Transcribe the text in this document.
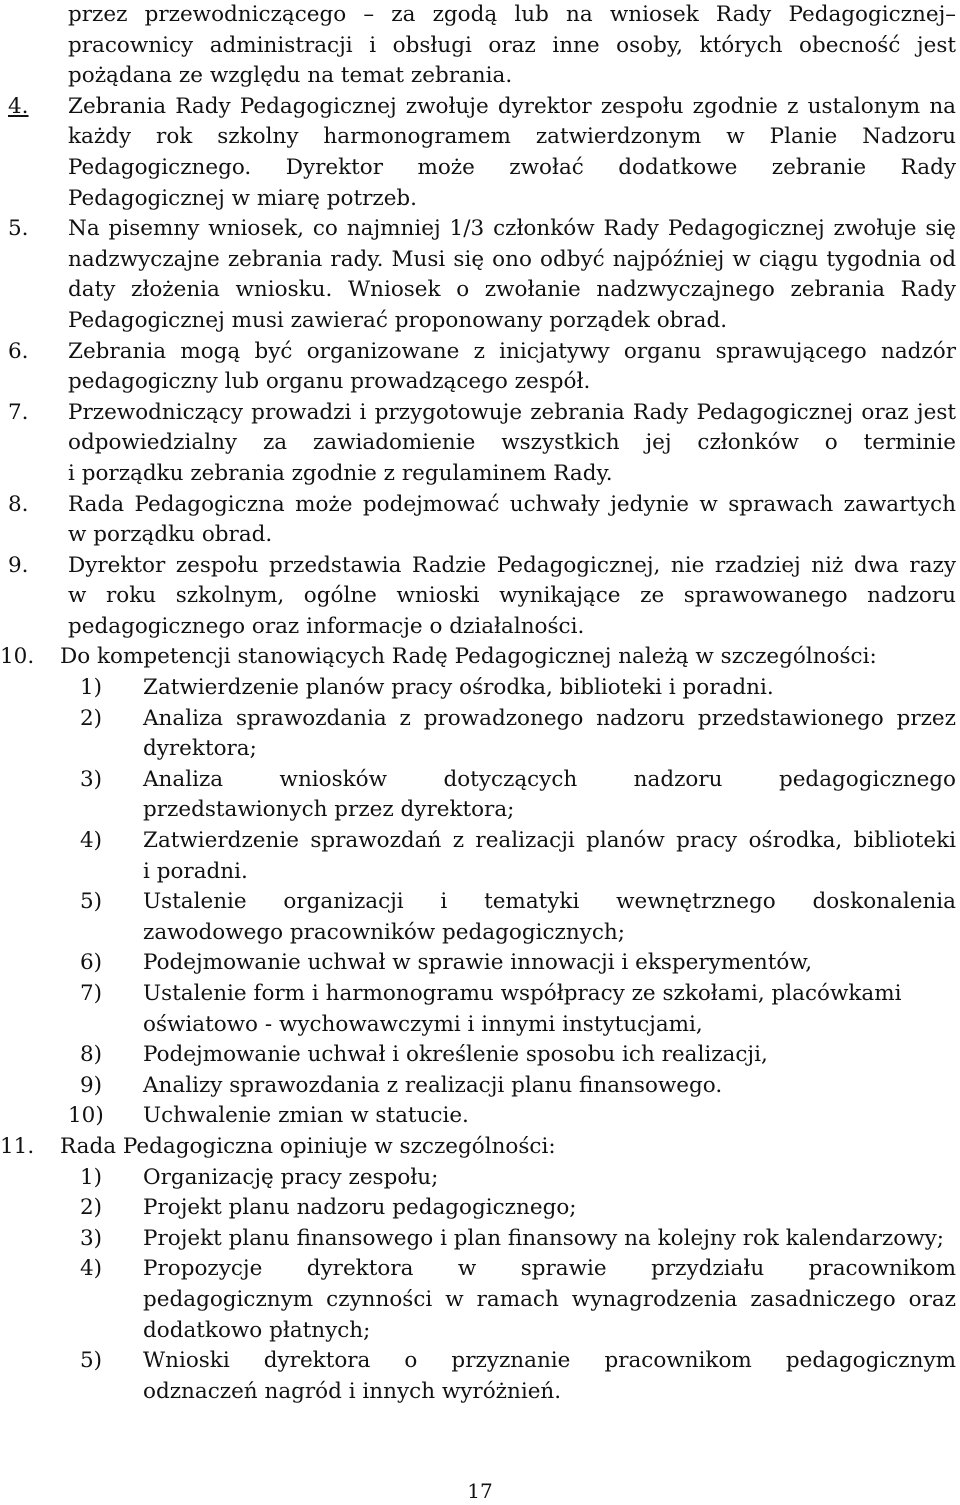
przez przewodniczącego – za zgodą lub na wniosek Rady Pedagogicznej–

pracownicy administracji i obsługi oraz inne osoby, których obecność jest

pożądana ze względu na temat zebrania.

4.	Zebrania Rady Pedagogicznej zwołuje dyrektor zespołu zgodnie z ustalonym na

każdy rok szkolny harmonogramem zatwierdzonym w Planie Nadzoru

Pedagogicznego. Dyrektor może zwołać dodatkowe zebranie Rady

Pedagogicznej w miarę potrzeb.

5.	Na pisemny wniosek, co najmniej 1/3 członków Rady Pedagogicznej zwołuje się

nadzwyczajne zebrania rady. Musi się ono odbyć najpóźniej w ciągu tygodnia od

daty złożenia wniosku. Wniosek o zwołanie nadzwyczajnego zebrania Rady

Pedagogicznej musi zawierać proponowany porządek obrad.

6.	Zebrania mogą być organizowane z inicjatywy organu sprawującego nadzór

pedagogiczny lub organu prowadzącego zespół.

7.	Przewodniczący prowadzi i przygotowuje zebrania Rady Pedagogicznej oraz jest

odpowiedzialny za zawiadomienie wszystkich jej członków o terminie

i porządku zebrania zgodnie z regulaminem Rady.

8.	Rada Pedagogiczna może podejmować uchwały jedynie w sprawach zawartych

w porządku obrad.

9.	Dyrektor zespołu przedstawia Radzie Pedagogicznej, nie rzadziej niż dwa razy

w roku szkolnym, ogólne wnioski wynikające ze sprawowanego nadzoru

pedagogicznego oraz informacje o działalności.

10.	Do kompetencji stanowiących Radę Pedagogicznej należą w szczególności:

1)	Zatwierdzenie planów pracy ośrodka, biblioteki i poradni.

2)	Analiza sprawozdania z prowadzonego nadzoru przedstawionego przez

dyrektora;

3)	Analiza wniosków dotyczących nadzoru pedagogicznego

przedstawionych przez dyrektora;

4)	Zatwierdzenie sprawozdań z realizacji planów pracy ośrodka, biblioteki

i poradni.

5)	Ustalenie organizacji i tematyki wewnętrznego doskonalenia

zawodowego pracowników pedagogicznych;

6)	Podejmowanie uchwał w sprawie innowacji i eksperymentów,

7)	Ustalenie form i harmonogramu współpracy ze szkołami, placówkami

oświatowo - wychowawczymi i innymi instytucjami,

8)	Podejmowanie uchwał i określenie sposobu ich realizacji,

9)	Analizy sprawozdania z realizacji planu finansowego.

10)	Uchwalenie zmian w statucie.

11.	Rada Pedagogiczna opiniuje w szczególności:

1)	Organizację pracy zespołu;

2)	Projekt planu nadzoru pedagogicznego;

3)	Projekt planu finansowego i plan finansowy na kolejny rok kalendarzowy;

4)	Propozycje dyrektora w sprawie przydziału pracownikom

pedagogicznym czynności w ramach wynagrodzenia zasadniczego oraz

dodatkowo płatnych;

5)	Wnioski dyrektora o przyznanie pracownikom pedagogicznym

odznaczeń nagród i innych wyróżnień.

17
